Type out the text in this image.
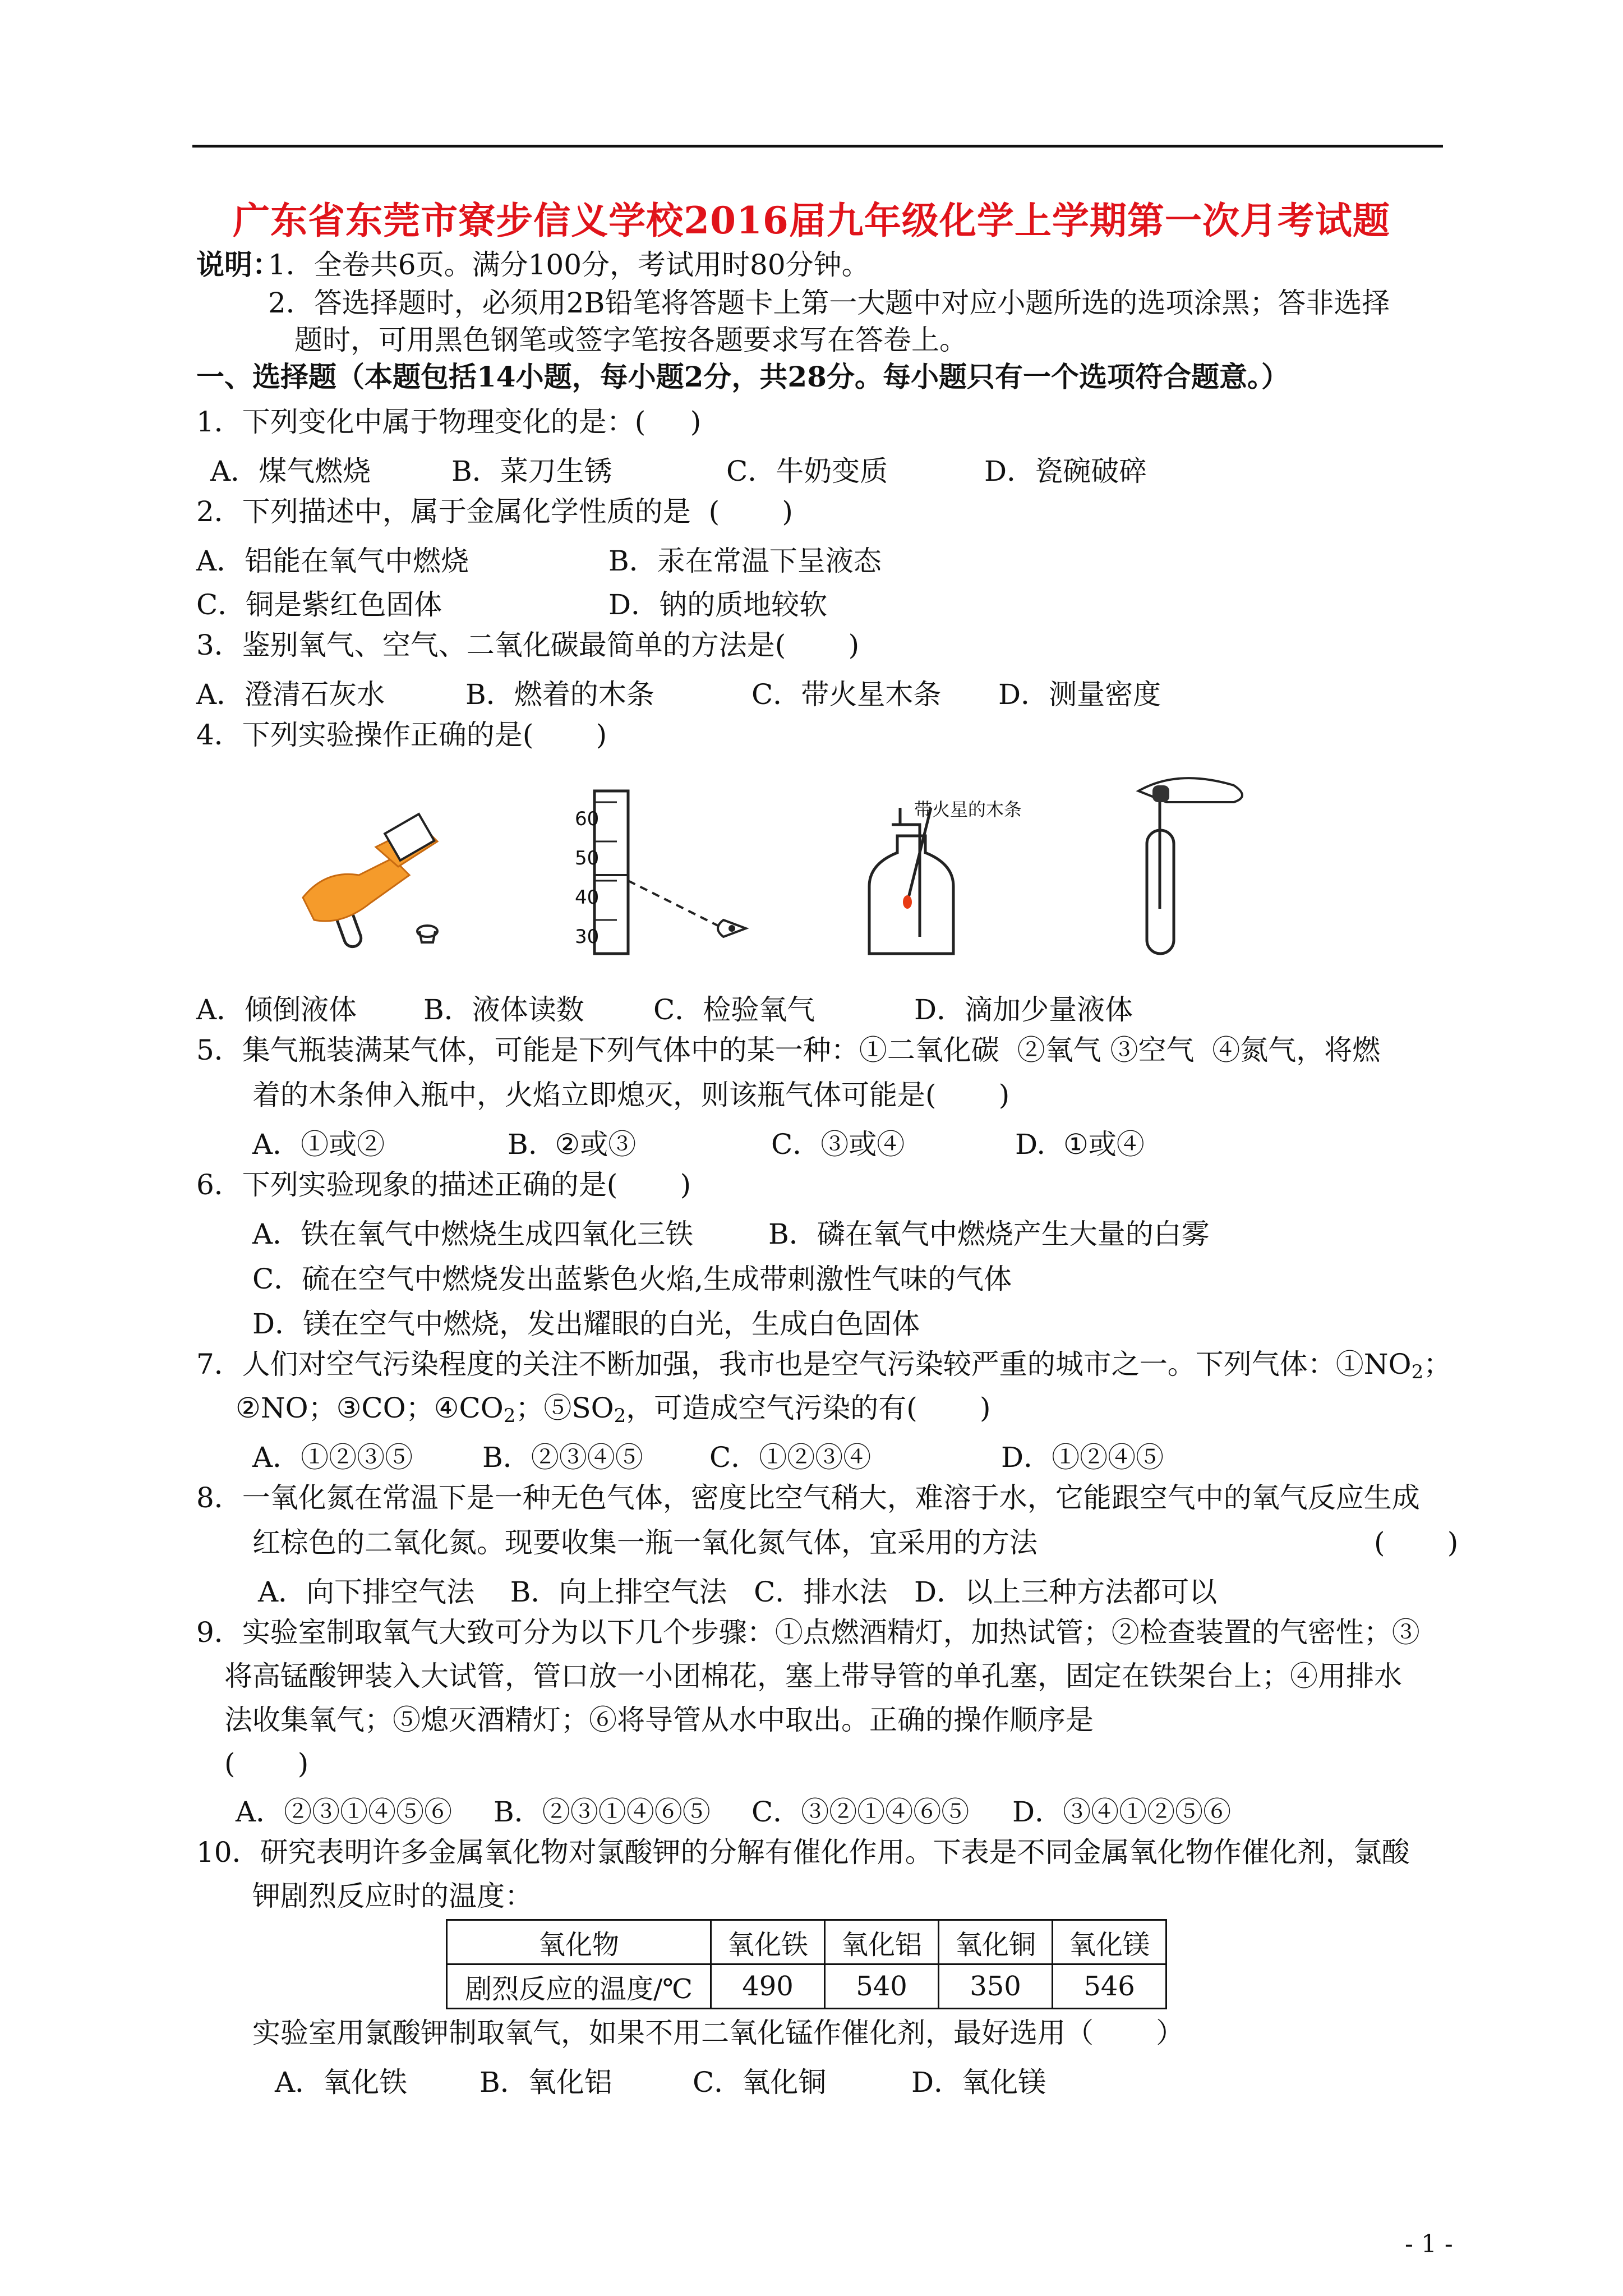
广东省东莞市寮步信义学校2016届九年级化学上学期第一次月考试题
说明：
1．全卷共6页。满分100分，考试用时80分钟。
2．答选择题时，必须用2B铅笔将答题卡上第一大题中对应小题所选的选项涂黑；答非选择
题时，可用黑色钢笔或签字笔按各题要求写在答卷上。
一、选择题（本题包括14小题，每小题2分，共28分。每小题只有一个选项符合题意。）
1．下列变化中属于物理变化的是：(     )
A．煤气燃烧	B．菜刀生锈	C．牛奶变质	D．瓷碗破碎
2．下列描述中，属于金属化学性质的是  (       )
A．铝能在氧气中燃烧	B．汞在常温下呈液态
C．铜是紫红色固体	D．钠的质地较软
3．鉴别氧气、空气、二氧化碳最简单的方法是(       )
A．澄清石灰水	B．燃着的木条	C．带火星木条 D．测量密度
4．下列实验操作正确的是(       )
60
50
40
30
带火星的木条
A．倾倒液体 B．液体读数 C．检验氧气	D．滴加少量液体
5．集气瓶装满某气体，可能是下列气体中的某一种：①二氧化碳  ②氧气 ③空气  ④氮气，将燃
着的木条伸入瓶中，火焰立即熄灭，则该瓶气体可能是(       )
A．①或②	B.  ②或③	C．③或④	D.  ①或④
6．下列实验现象的描述正确的是(       )
A．铁在氧气中燃烧生成四氧化三铁	B．磷在氧气中燃烧产生大量的白雾
C．硫在空气中燃烧发出蓝紫色火焰,生成带刺激性气味的气体
D．镁在空气中燃烧，发出耀眼的白光，生成白色固体
7．人们对空气污染程度的关注不断加强，我市也是空气污染较严重的城市之一。下列气体：$①NO_2$；
②NO；③CO；$④CO_2$；$⑤SO_2$，可造成空气污染的有(       )
A．①②③⑤ B．②③④⑤ C．①②③④	D．①②④⑤
8．一氧化氮在常温下是一种无色气体，密度比空气稍大，难溶于水，它能跟空气中的氧气反应生成
红棕色的二氧化氮。现要收集一瓶一氧化氮气体，宜采用的方法	(       )
A．向下排空气法    B．向上排空气法   C．排水法   D．以上三种方法都可以
9．实验室制取氧气大致可分为以下几个步骤：①点燃酒精灯，加热试管；②检查装置的气密性；③
将高锰酸钾装入大试管，管口放一小团棉花，塞上带导管的单孔塞，固定在铁架台上；④用排水
法收集氧气；⑤熄灭酒精灯；⑥将导管从水中取出。正确的操作顺序是
(       )
A．②③①④⑤⑥ B．②③①④⑥⑤ C．③②①④⑥⑤ D．③④①②⑤⑥
10．研究表明许多金属氧化物对氯酸钾的分解有催化作用。下表是不同金属氧化物作催化剂，氯酸
钾剧烈反应时的温度：
氧化物	氧化铁	氧化铝	氧化铜	氧化镁
剧烈反应的温度/℃	490	540	350	546
实验室用氯酸钾制取氧气，如果不用二氧化锰作催化剂，最好选用（       ）
A．氧化铁	B．氧化铝	C．氧化铜	D．氧化镁
- 1 -
